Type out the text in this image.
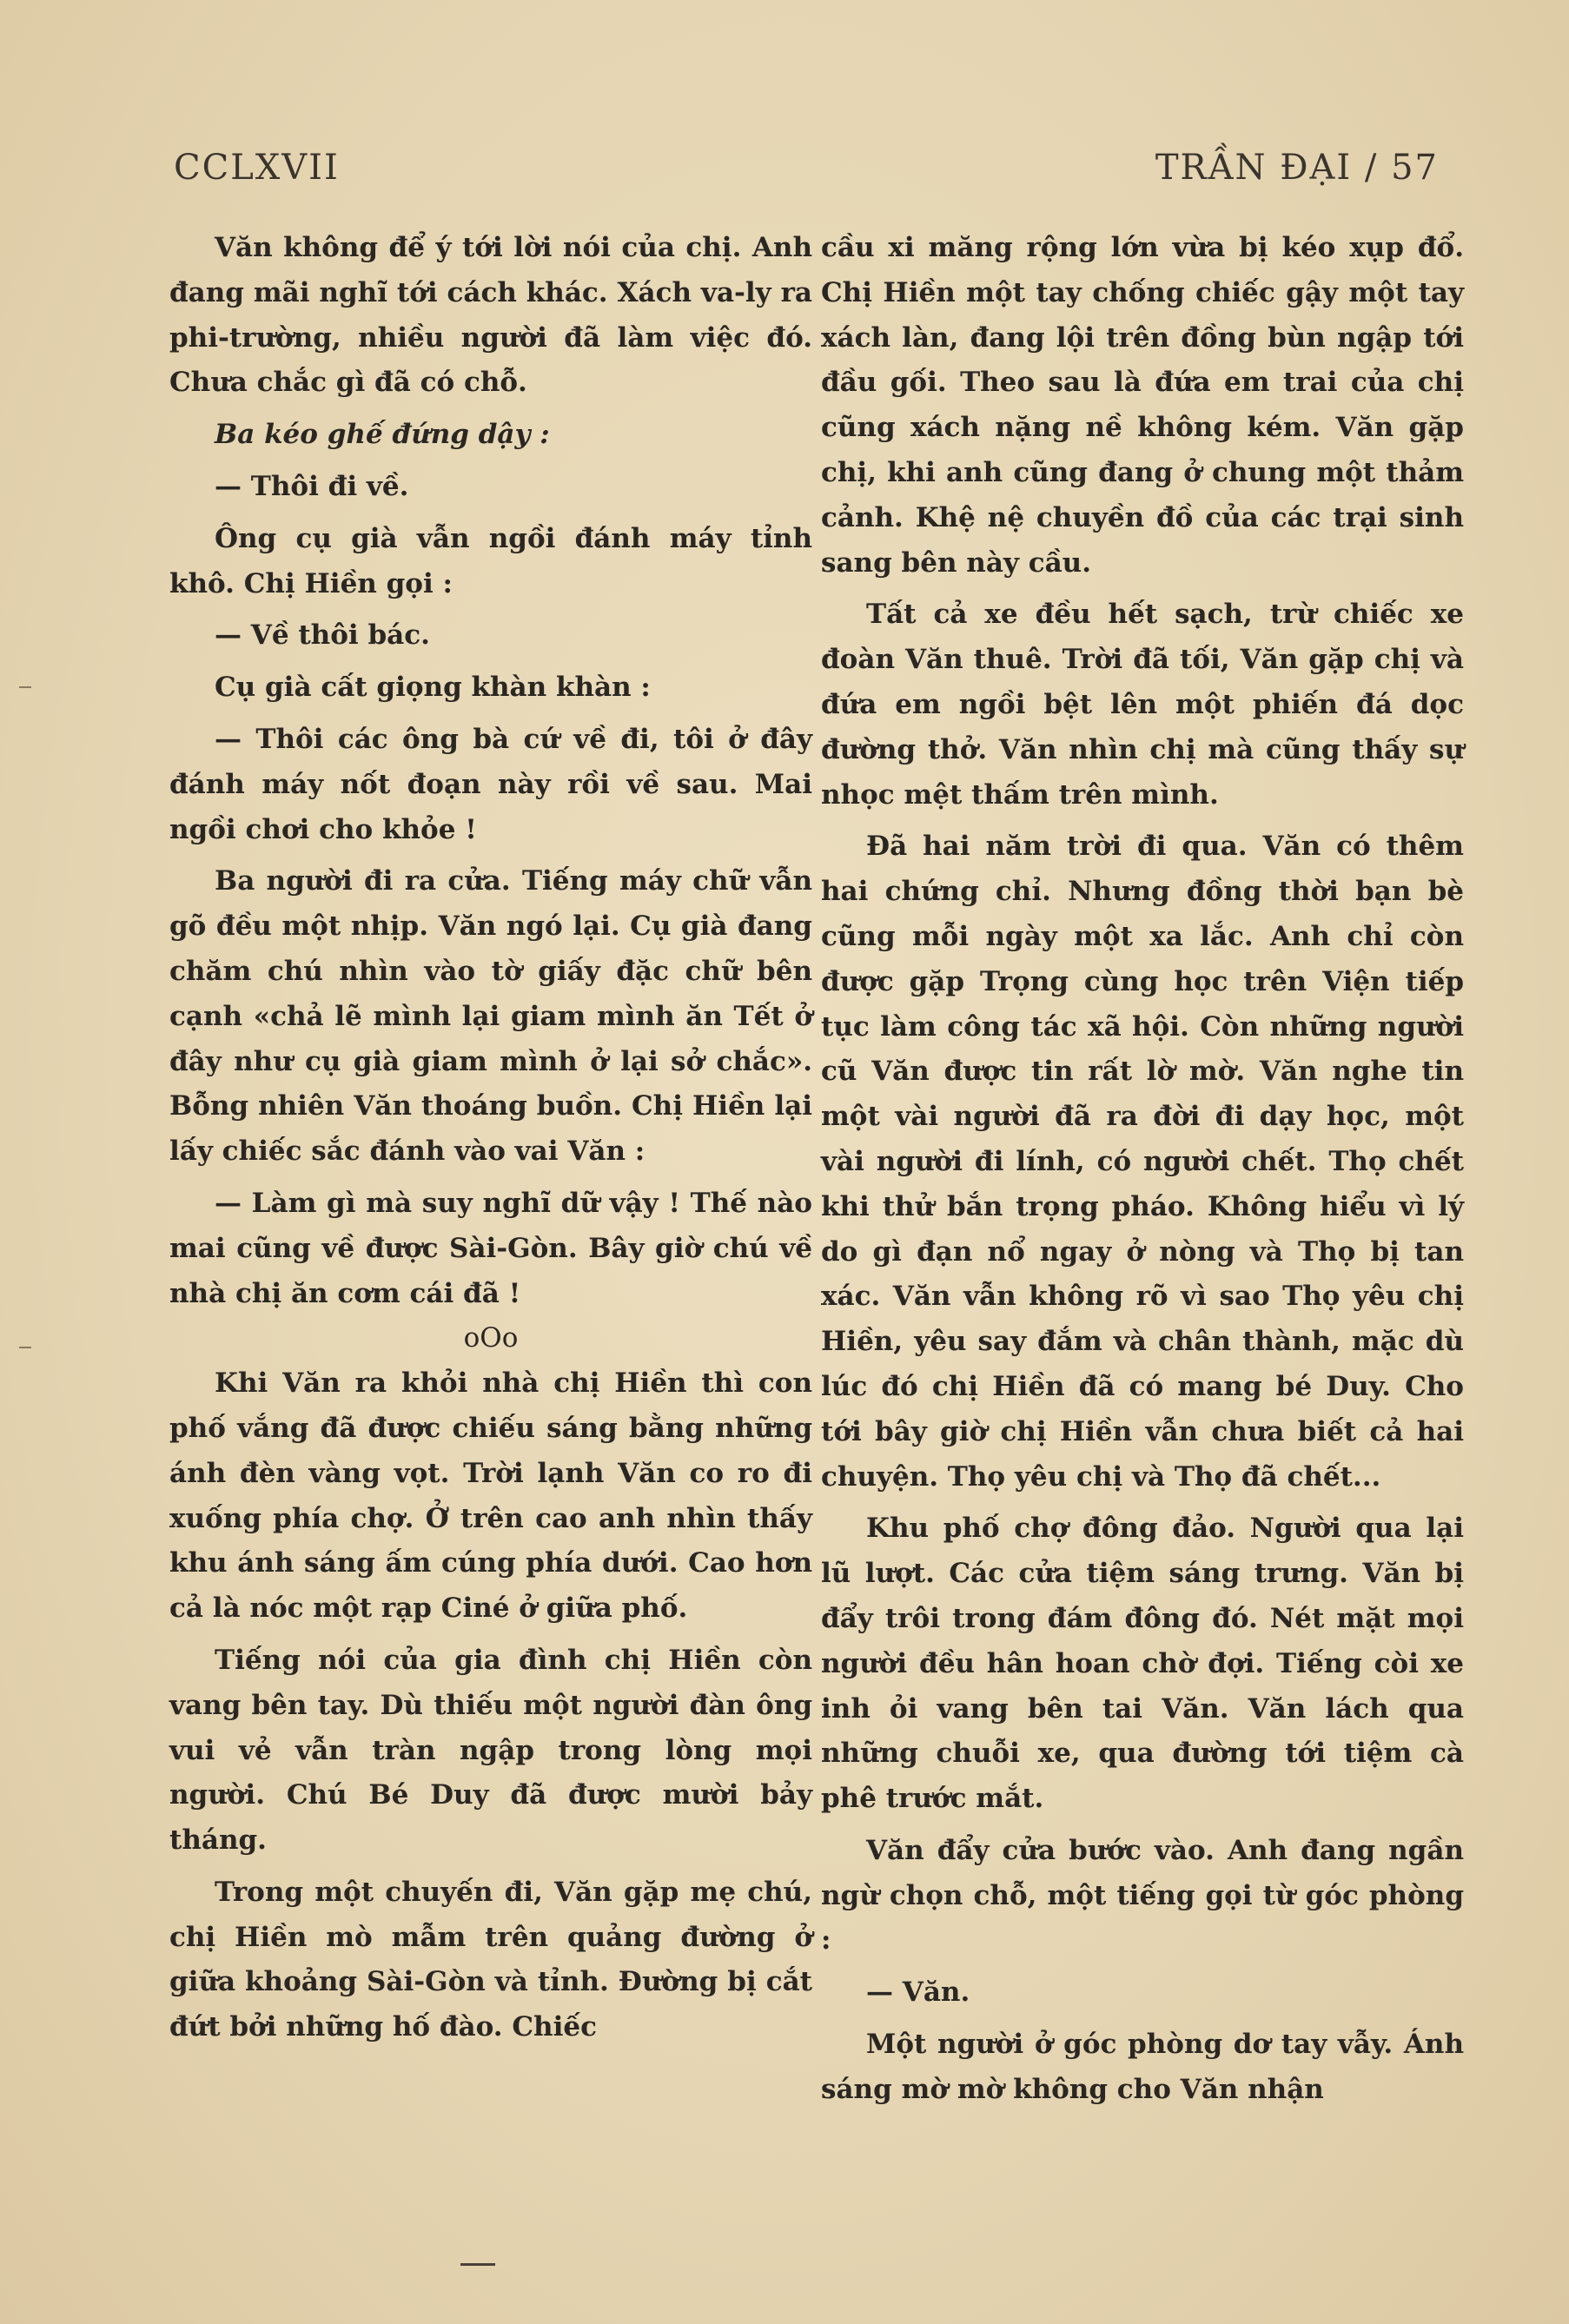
CCLXVII	TRẦN ĐẠI / 57

Văn không để ý tới lời nói của chị. Anh đang mãi nghĩ tới cách khác. Xách va-ly ra phi-trường, nhiều người đã làm việc đó. Chưa chắc gì đã có chỗ.

Ba kéo ghế đứng dậy :

— Thôi đi về.

Ông cụ già vẫn ngồi đánh máy tỉnh khô. Chị Hiền gọi :

— Về thôi bác.

Cụ già cất giọng khàn khàn :

— Thôi các ông bà cứ về đi, tôi ở đây đánh máy nốt đoạn này rồi về sau. Mai ngồi chơi cho khỏe !

Ba người đi ra cửa. Tiếng máy chữ vẫn gõ đều một nhịp. Văn ngó lại. Cụ già đang chăm chú nhìn vào tờ giấy đặc chữ bên cạnh «chả lẽ mình lại giam mình ăn Tết ở đây như cụ già giam mình ở lại sở chắc». Bỗng nhiên Văn thoáng buồn. Chị Hiền lại lấy chiếc sắc đánh vào vai Văn :

— Làm gì mà suy nghĩ dữ vậy ! Thế nào mai cũng về được Sài-Gòn. Bây giờ chú về nhà chị ăn cơm cái đã !

oOo

Khi Văn ra khỏi nhà chị Hiền thì con phố vắng đã được chiếu sáng bằng những ánh đèn vàng vọt. Trời lạnh Văn co ro đi xuống phía chợ. Ở trên cao anh nhìn thấy khu ánh sáng ấm cúng phía dưới. Cao hơn cả là nóc một rạp Ciné ở giữa phố.

Tiếng nói của gia đình chị Hiền còn vang bên tay. Dù thiếu một người đàn ông vui vẻ vẫn tràn ngập trong lòng mọi người. Chú Bé Duy đã được mười bảy tháng.

Trong một chuyến đi, Văn gặp mẹ chú, chị Hiền mò mẫm trên quảng đường ở giữa khoảng Sài-Gòn và tỉnh. Đường bị cắt đứt bởi những hố đào. Chiếc

cầu xi măng rộng lớn vừa bị kéo xụp đổ. Chị Hiền một tay chống chiếc gậy một tay xách làn, đang lội trên đồng bùn ngập tới đầu gối. Theo sau là đứa em trai của chị cũng xách nặng nề không kém. Văn gặp chị, khi anh cũng đang ở chung một thảm cảnh. Khệ nệ chuyền đồ của các trại sinh sang bên này cầu.

Tất cả xe đều hết sạch, trừ chiếc xe đoàn Văn thuê. Trời đã tối, Văn gặp chị và đứa em ngồi bệt lên một phiến đá dọc đường thở. Văn nhìn chị mà cũng thấy sự nhọc mệt thấm trên mình.

Đã hai năm trời đi qua. Văn có thêm hai chứng chỉ. Nhưng đồng thời bạn bè cũng mỗi ngày một xa lắc. Anh chỉ còn được gặp Trọng cùng học trên Viện tiếp tục làm công tác xã hội. Còn những người cũ Văn được tin rất lờ mờ. Văn nghe tin một vài người đã ra đời đi dạy học, một vài người đi lính, có người chết. Thọ chết khi thử bắn trọng pháo. Không hiểu vì lý do gì đạn nổ ngay ở nòng và Thọ bị tan xác. Văn vẫn không rõ vì sao Thọ yêu chị Hiền, yêu say đắm và chân thành, mặc dù lúc đó chị Hiền đã có mang bé Duy. Cho tới bây giờ chị Hiền vẫn chưa biết cả hai chuyện. Thọ yêu chị và Thọ đã chết...

Khu phố chợ đông đảo. Người qua lại lũ lượt. Các cửa tiệm sáng trưng. Văn bị đẩy trôi trong đám đông đó. Nét mặt mọi người đều hân hoan chờ đợi. Tiếng còi xe inh ỏi vang bên tai Văn. Văn lách qua những chuỗi xe, qua đường tới tiệm cà phê trước mắt.

Văn đẩy cửa bước vào. Anh đang ngần ngừ chọn chỗ, một tiếng gọi từ góc phòng :

— Văn.

Một người ở góc phòng dơ tay vẫy. Ánh sáng mờ mờ không cho Văn nhận
